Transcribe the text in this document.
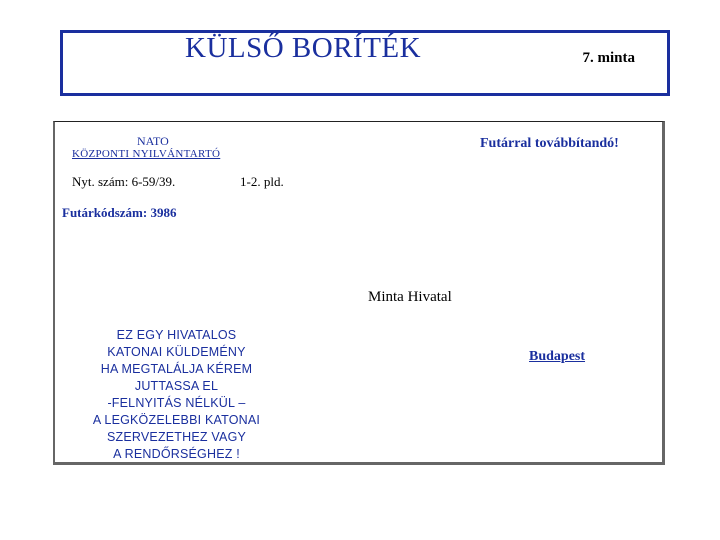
7. minta
KÜLSŐ BORÍTÉK
NATO
KÖZPONTI NYILVÁNTARTÓ
Futárral továbbítandó!
Nyt. szám: 6-59/39.	1-2. pld.
Futárkódszám: 3986
Minta Hivatal
Budapest
EZ EGY HIVATALOS
KATONAI KÜLDEMÉNY
HA MEGTALÁLJA KÉREM
JUTTASSA EL
-FELNYITÁS NÉLKÜL –
A LEGKÖZELEBBI KATONAI
SZERVEZETHEZ VAGY
A RENDŐRSÉGHEZ !
